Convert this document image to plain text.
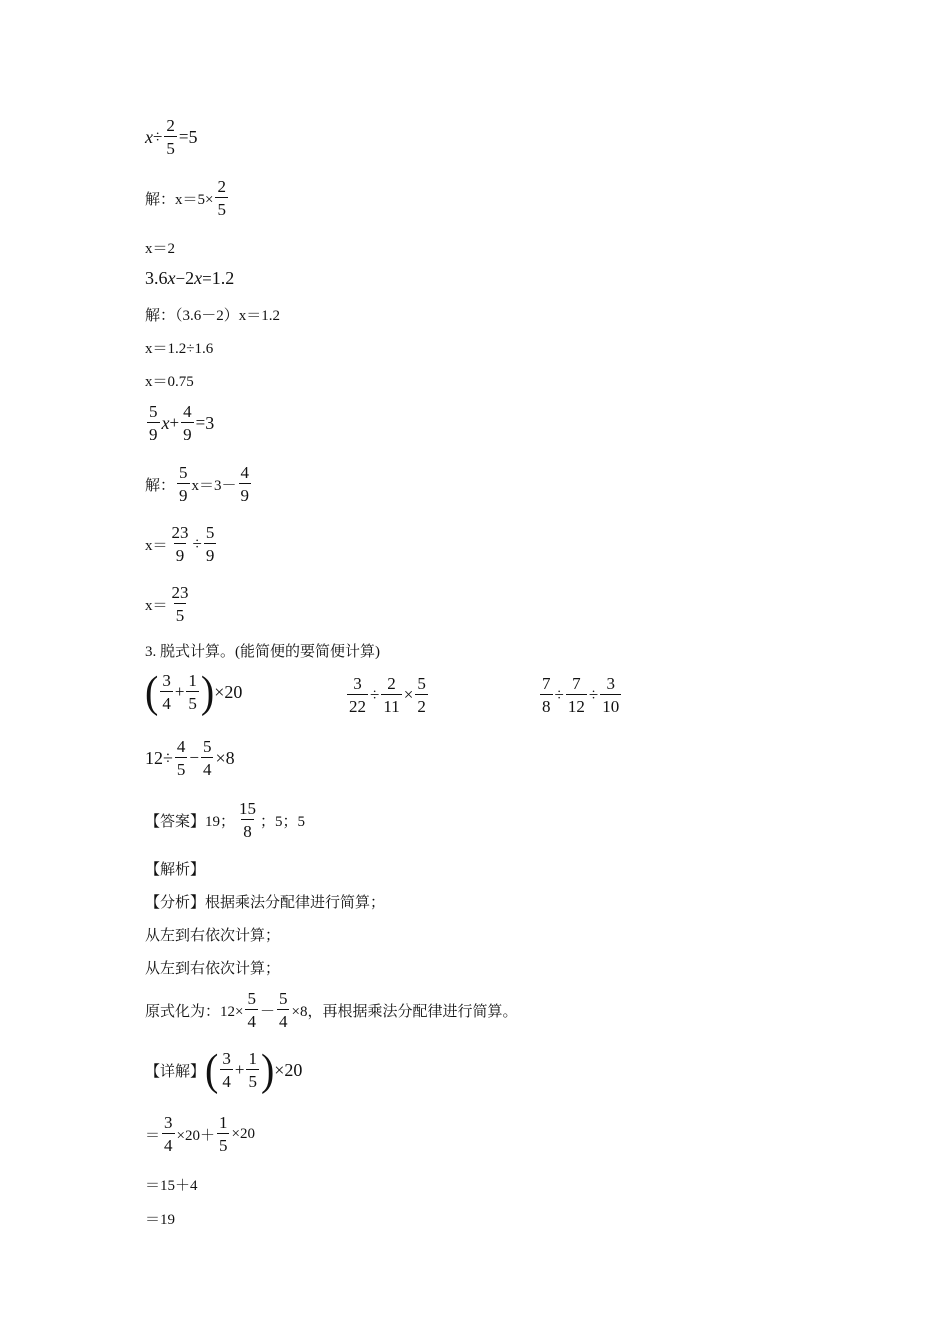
$x \div \frac{2}{5} = 5$
解：$x=5\times \frac{2}{5}$
x＝2
3.6 x − 2 x = 1.2
解：（3.6－2）x＝1.2
x＝1.2÷1.6
x＝0.75
$\frac{5}{9}$ $x + \frac{4}{9} = 3$
解： $\frac{5}{9} x=3- \frac{4}{9}$
$x= \frac{23}{9} \div \frac{5}{9}$
$x= \frac{23}{5}$
3. 脱式计算。(能简便的要简便计算)
( $\frac{3}{4} + \frac{1}{5}$ ) ×20	$\frac{3}{22} \div \frac{2}{11} \times \frac{5}{2}$	$\frac{7}{8} \div \frac{7}{12} \div \frac{3}{10}$
$12\div \frac{4}{5} - \frac{5}{4} \times 8$
【答案】 19； $\frac{15}{8}$ ；5；5
【解析】
【分析】根据乘法分配律进行简算；
从左到右依次计算；
从左到右依次计算；
原式化为：$12\times \frac{5}{4} - \frac{5}{4} \times 8$，再根据乘法分配律进行简算。
【详解】 ( $\frac{3}{4} + \frac{1}{5}$ ) ×20
＝ $\frac{3}{4} \times 20+ \frac{1}{5} \times 20$
＝15＋4
＝19
